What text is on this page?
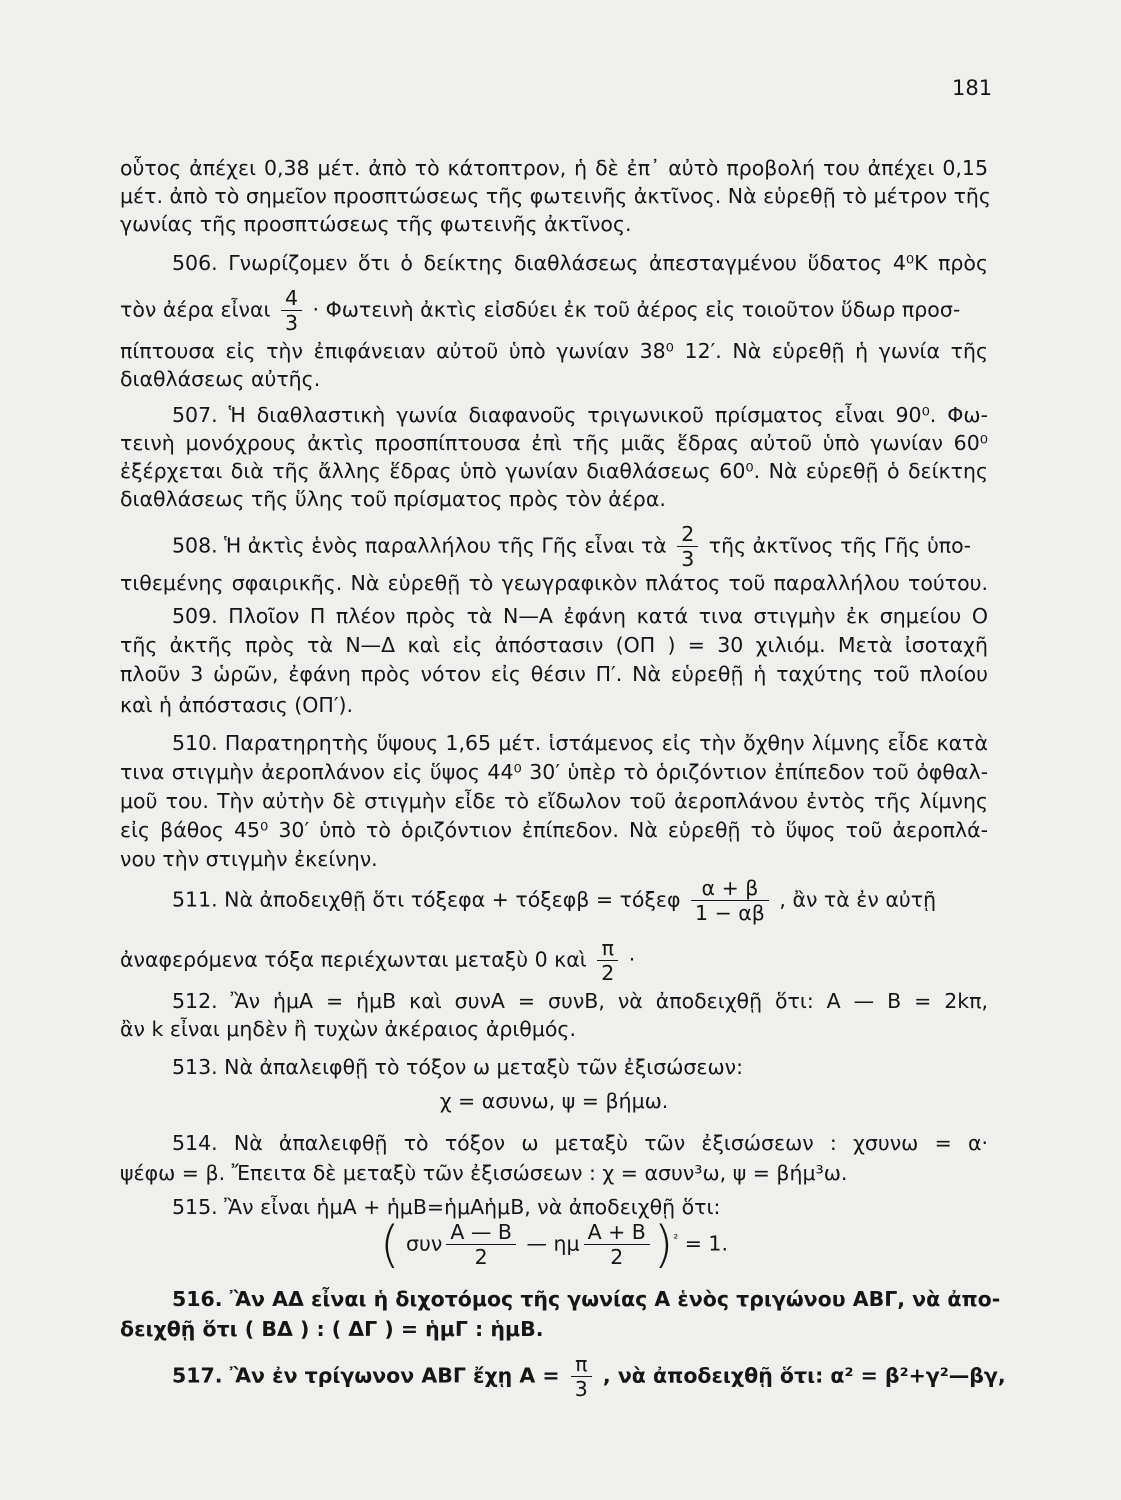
181
οὗτος ἀπέχει 0,38 μέτ. ἀπὸ τὸ κάτοπτρον, ἡ δὲ ἐπ᾽ αὐτὸ προβολή του ἀπέχει 0,15
μέτ. ἀπὸ τὸ σημεῖον προσπτώσεως τῆς φωτεινῆς ἀκτῖνος. Νὰ εὑρεθῇ τὸ μέτρον τῆς
γωνίας τῆς προσπτώσεως τῆς φωτεινῆς ἀκτῖνος.
506. Γνωρίζομεν ὅτι ὁ δείκτης διαθλάσεως ἀπεσταγμένου ὕδατος 4⁰Κ πρὸς
τὸν ἀέρα εἶναι $\frac{4}{3}$ · Φωτεινὴ ἀκτὶς εἰσδύει ἐκ τοῦ ἀέρος εἰς τοιοῦτον ὕδωρ προσ-
πίπτουσα εἰς τὴν ἐπιφάνειαν αὐτοῦ ὑπὸ γωνίαν 38⁰ 12′. Νὰ εὑρεθῇ ἡ γωνία τῆς
διαθλάσεως αὐτῆς.
507. Ἡ διαθλαστικὴ γωνία διαφανοῦς τριγωνικοῦ πρίσματος εἶναι 90⁰. Φω-
τεινὴ μονόχρους ἀκτὶς προσπίπτουσα ἐπὶ τῆς μιᾶς ἕδρας αὐτοῦ ὑπὸ γωνίαν 60⁰
ἐξέρχεται διὰ τῆς ἄλλης ἕδρας ὑπὸ γωνίαν διαθλάσεως 60⁰. Νὰ εὑρεθῇ ὁ δείκτης
διαθλάσεως τῆς ὕλης τοῦ πρίσματος πρὸς τὸν ἀέρα.
508. Ἡ ἀκτὶς ἑνὸς παραλλήλου τῆς Γῆς εἶναι τὰ $\frac{2}{3}$ τῆς ἀκτῖνος τῆς Γῆς ὑπο-
τιθεμένης σφαιρικῆς. Νὰ εὑρεθῇ τὸ γεωγραφικὸν πλάτος τοῦ παραλλήλου τούτου.
509. Πλοῖον Π πλέον πρὸς τὰ Ν—Α ἐφάνη κατά τινα στιγμὴν ἐκ σημείου Ο
τῆς ἀκτῆς πρὸς τὰ Ν—Δ καὶ εἰς ἀπόστασιν (ΟΠ ) = 30 χιλιόμ. Μετὰ ἰσοταχῆ
πλοῦν 3 ὡρῶν, ἐφάνη πρὸς νότον εἰς θέσιν Π′. Νὰ εὑρεθῇ ἡ ταχύτης τοῦ πλοίου
καὶ ἡ ἀπόστασις (ΟΠ′).
510. Παρατηρητὴς ὕψους 1,65 μέτ. ἱστάμενος εἰς τὴν ὄχθην λίμνης εἶδε κατὰ
τινα στιγμὴν ἀεροπλάνον εἰς ὕψος 44⁰ 30′ ὑπὲρ τὸ ὁριζόντιον ἐπίπεδον τοῦ ὀφθαλ-
μοῦ του. Τὴν αὐτὴν δὲ στιγμὴν εἶδε τὸ εἴδωλον τοῦ ἀεροπλάνου ἐντὸς τῆς λίμνης
εἰς βάθος 45⁰ 30′ ὑπὸ τὸ ὁριζόντιον ἐπίπεδον. Νὰ εὑρεθῇ τὸ ὕψος τοῦ ἀεροπλά-
νου τὴν στιγμὴν ἐκείνην.
511. Νὰ ἀποδειχθῇ ὅτι τόξεφα + τόξεφβ = τόξεφ $\frac{\alpha + \beta}{1 - \alpha\beta}$ , ἂν τὰ ἐν αὐτῇ
ἀναφερόμενα τόξα περιέχωνται μεταξὺ 0 καὶ $\frac{\pi}{2}$ ·
512. Ἂν ἡμΑ = ἡμΒ καὶ συνΑ = συνΒ, νὰ ἀποδειχθῇ ὅτι: Α — Β = 2kπ,
ἂν k εἶναι μηδὲν ἢ τυχὼν ἀκέραιος ἀριθμός.
513. Νὰ ἀπαλειφθῇ τὸ τόξον ω μεταξὺ τῶν ἐξισώσεων:
χ = ασυνω, ψ = βήμω.
514. Νὰ ἀπαλειφθῇ τὸ τόξον ω μεταξὺ τῶν ἐξισώσεων : χσυνω = α·
ψέφω = β. Ἔπειτα δὲ μεταξὺ τῶν ἐξισώσεων : χ = ασυν³ω, ψ = βήμ³ω.
515. Ἂν εἶναι ἡμΑ + ἡμΒ=ἡμΑἡμΒ, νὰ ἀποδειχθῇ ὅτι:
( συν $\frac{A — B}{2}$ — ημ $\frac{A + B}{2} )^{^2} = 1$.
516. Ἂν ΑΔ εἶναι ἡ διχοτόμος τῆς γωνίας Α ἑνὸς τριγώνου ΑΒΓ, νὰ ἀπο-
δειχθῇ ὅτι ( ΒΔ ) : ( ΔΓ ) = ἡμΓ : ἡμΒ.
517. Ἂν ἐν τρίγωνον ΑΒΓ ἔχῃ $A = \frac{\pi}{3}$ , νὰ ἀποδειχθῇ ὅτι: α² = β²+γ²—βγ,
